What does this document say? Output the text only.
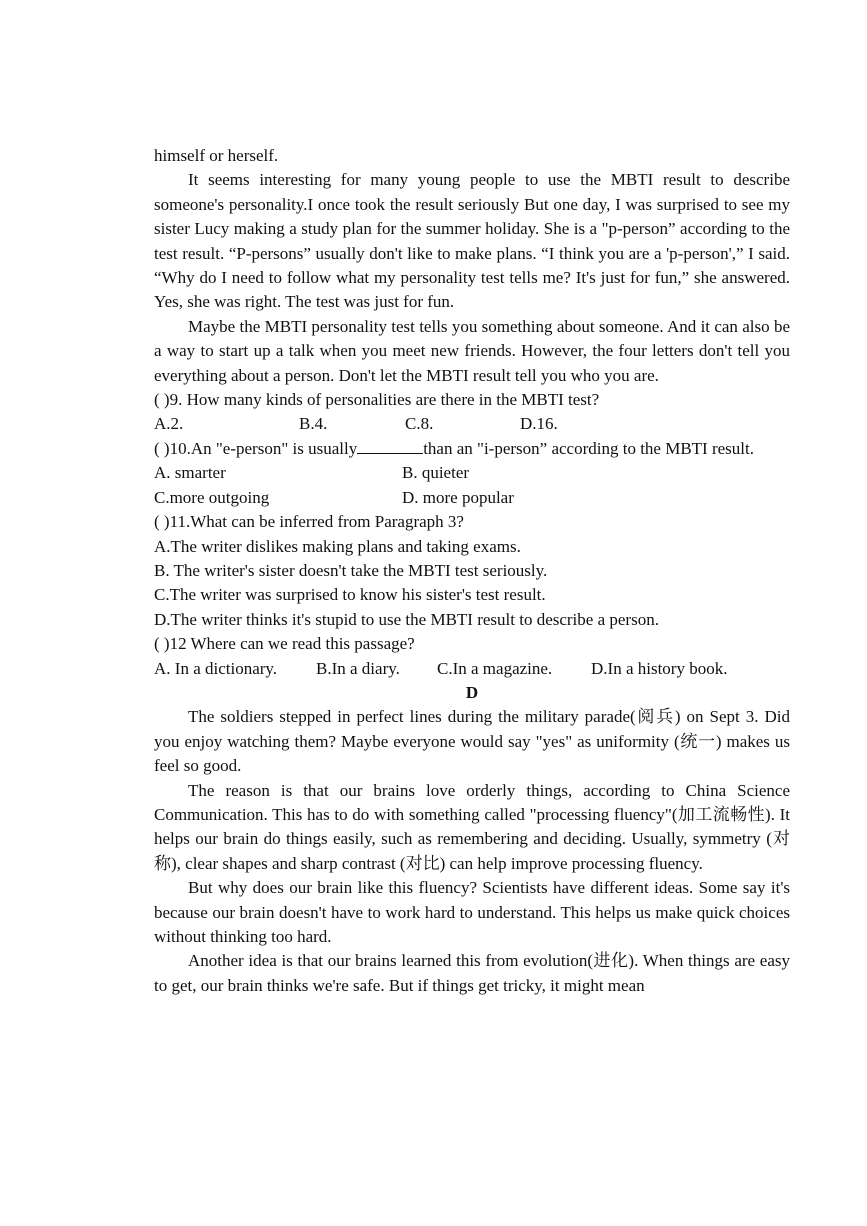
himself or herself.

It seems interesting for many young people to use the MBTI result to describe someone's personality.I once took the result seriously But one day, I was surprised to see my sister Lucy making a study plan for the summer holiday. She is a "p-person” according to the test result. “P-persons” usually don't like to make plans. “I think you are a 'p-person',” I said. “Why do I need to follow what my personality test tells me? It's just for fun,” she answered. Yes, she was right. The test was just for fun.

Maybe the MBTI personality test tells you something about someone. And it can also be a way to start up a talk when you meet new friends. However, the four letters don't tell you everything about a person. Don't let the MBTI result tell you who you are.

( )9. How many kinds of personalities are there in the MBTI test?

A.2.	B.4.	C.8.	D.16.

( )10.An "e-person" is usually	than an "i-person” according to the MBTI result.

A. smarter	B. quieter
C.more outgoing	D. more popular

( )11.What can be inferred from Paragraph 3?

A.The writer dislikes making plans and taking exams.

B. The writer's sister doesn't take the MBTI test seriously.

C.The writer was surprised to know his sister's test result.

D.The writer thinks it's stupid to use the MBTI result to describe a person.

( )12 Where can we read this passage?

A. In a dictionary.	B.In a diary.	C.In a magazine.	D.In a history book.

D

The soldiers stepped in perfect lines during the military parade(阅兵) on Sept 3. Did you enjoy watching them? Maybe everyone would say "yes" as uniformity (统一) makes us feel so good.

The reason is that our brains love orderly things, according to China Science Communication. This has to do with something called "processing fluency"(加工流畅性). It helps our brain do things easily, such as remembering and deciding. Usually, symmetry (对称), clear shapes and sharp contrast (对比) can help improve processing fluency.

But why does our brain like this fluency? Scientists have different ideas. Some say it's because our brain doesn't have to work hard to understand. This helps us make quick choices without thinking too hard.

Another idea is that our brains learned this from evolution(进化). When things are easy to get, our brain thinks we're safe. But if things get tricky, it might mean
